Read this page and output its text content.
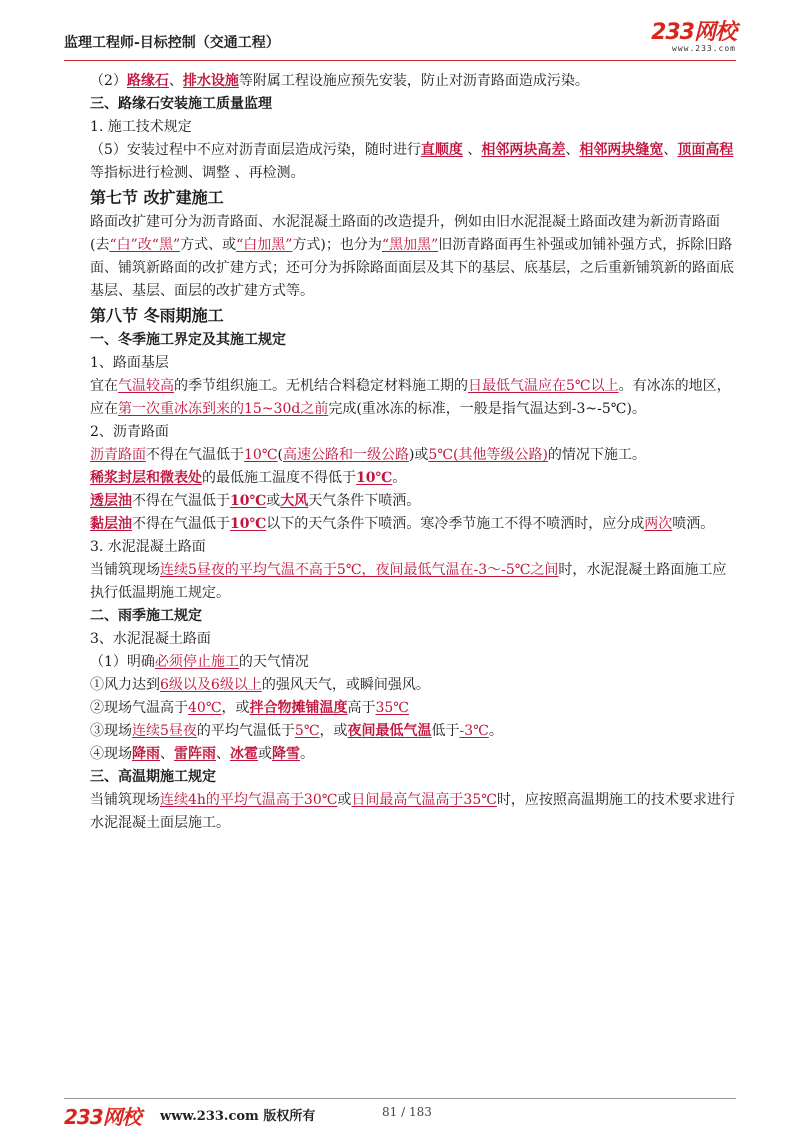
监理工程师-目标控制（交通工程）	233网校
www.233.com

（2）路缘石、排水设施等附属工程设施应预先安装，防止对沥青路面造成污染。

三、路缘石安装施工质量监理

1. 施工技术规定

（5）安装过程中不应对沥青面层造成污染，随时进行直顺度 、相邻两块高差、相邻两块缝宽、顶面高程等指标进行检测、调整 、再检测。

第七节 改扩建施工

路面改扩建可分为沥青路面、水泥混凝土路面的改造提升，例如由旧水泥混凝土路面改建为新沥青路面(去“白”改“黑”方式、或“白加黑”方式)；也分为“黑加黑”旧沥青路面再生补强或加铺补强方式，拆除旧路面、铺筑新路面的改扩建方式；还可分为拆除路面面层及其下的基层、底基层，之后重新铺筑新的路面底基层、基层、面层的改扩建方式等。

第八节 冬雨期施工

一、冬季施工界定及其施工规定

1、路面基层

宜在气温较高的季节组织施工。无机结合料稳定材料施工期的日最低气温应在5℃以上。有冰冻的地区，应在第一次重冰冻到来的15~30d之前完成(重冰冻的标准，一般是指气温达到-3~-5℃)。

2、沥青路面

沥青路面不得在气温低于10℃(高速公路和一级公路)或5℃(其他等级公路)的情况下施工。

稀浆封层和微表处的最低施工温度不得低于10℃。

透层油不得在气温低于10℃或大风天气条件下喷洒。

黏层油不得在气温低于10℃以下的天气条件下喷洒。寒冷季节施工不得不喷洒时，应分成两次喷洒。

3. 水泥混凝土路面

当铺筑现场连续5昼夜的平均气温不高于5℃，夜间最低气温在-3～-5℃之间时，水泥混凝土路面施工应执行低温期施工规定。

二、雨季施工规定

3、水泥混凝土路面

（1）明确必须停止施工的天气情况

①风力达到6级以及6级以上的强风天气，或瞬间强风。

②现场气温高于40℃，或拌合物摊铺温度高于35℃

③现场连续5昼夜的平均气温低于5℃，或夜间最低气温低于-3℃。

④现场降雨、雷阵雨、冰雹或降雪。

三、高温期施工规定

当铺筑现场连续4h的平均气温高于30℃或日间最高气温高于35℃时，应按照高温期施工的技术要求进行水泥混凝土面层施工。

233网校 www.233.com 版权所有	81 / 183
